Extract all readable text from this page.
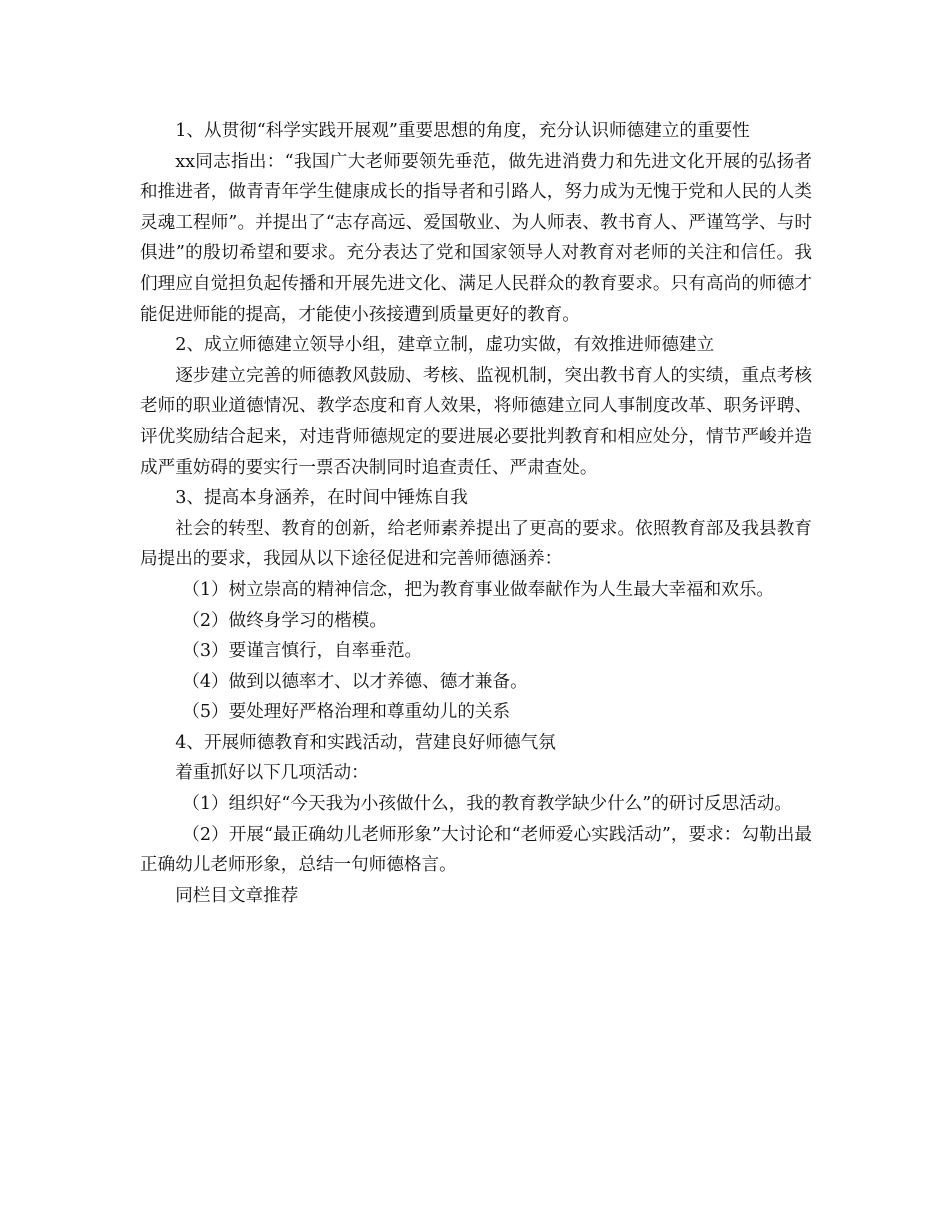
1、从贯彻“科学实践开展观”重要思想的角度，充分认识师德建立的重要性

xx同志指出：“我国广大老师要领先垂范，做先进消费力和先进文化开展的弘扬者和推进者，做青青年学生健康成长的指导者和引路人，努力成为无愧于党和人民的人类灵魂工程师”。并提出了“志存高远、爱国敬业、为人师表、教书育人、严谨笃学、与时俱进”的殷切希望和要求。充分表达了党和国家领导人对教育对老师的关注和信任。我们理应自觉担负起传播和开展先进文化、满足人民群众的教育要求。只有高尚的师德才能促进师能的提高，才能使小孩接遭到质量更好的教育。

2、成立师德建立领导小组，建章立制，虚功实做，有效推进师德建立

逐步建立完善的师德教风鼓励、考核、监视机制，突出教书育人的实绩，重点考核老师的职业道德情况、教学态度和育人效果，将师德建立同人事制度改革、职务评聘、评优奖励结合起来，对违背师德规定的要进展必要批判教育和相应处分，情节严峻并造成严重妨碍的要实行一票否决制同时追查责任、严肃查处。

3、提高本身涵养，在时间中锤炼自我

社会的转型、教育的创新，给老师素养提出了更高的要求。依照教育部及我县教育局提出的要求，我园从以下途径促进和完善师德涵养：

（1）树立崇高的精神信念，把为教育事业做奉献作为人生最大幸福和欢乐。

（2）做终身学习的楷模。

（3）要谨言慎行，自率垂范。

（4）做到以德率才、以才养德、德才兼备。

（5）要处理好严格治理和尊重幼儿的关系

4、开展师德教育和实践活动，营建良好师德气氛

着重抓好以下几项活动：

（1）组织好“今天我为小孩做什么，我的教育教学缺少什么”的研讨反思活动。

（2）开展“最正确幼儿老师形象”大讨论和“老师爱心实践活动”，要求：勾勒出最正确幼儿老师形象，总结一句师德格言。

同栏目文章推荐
